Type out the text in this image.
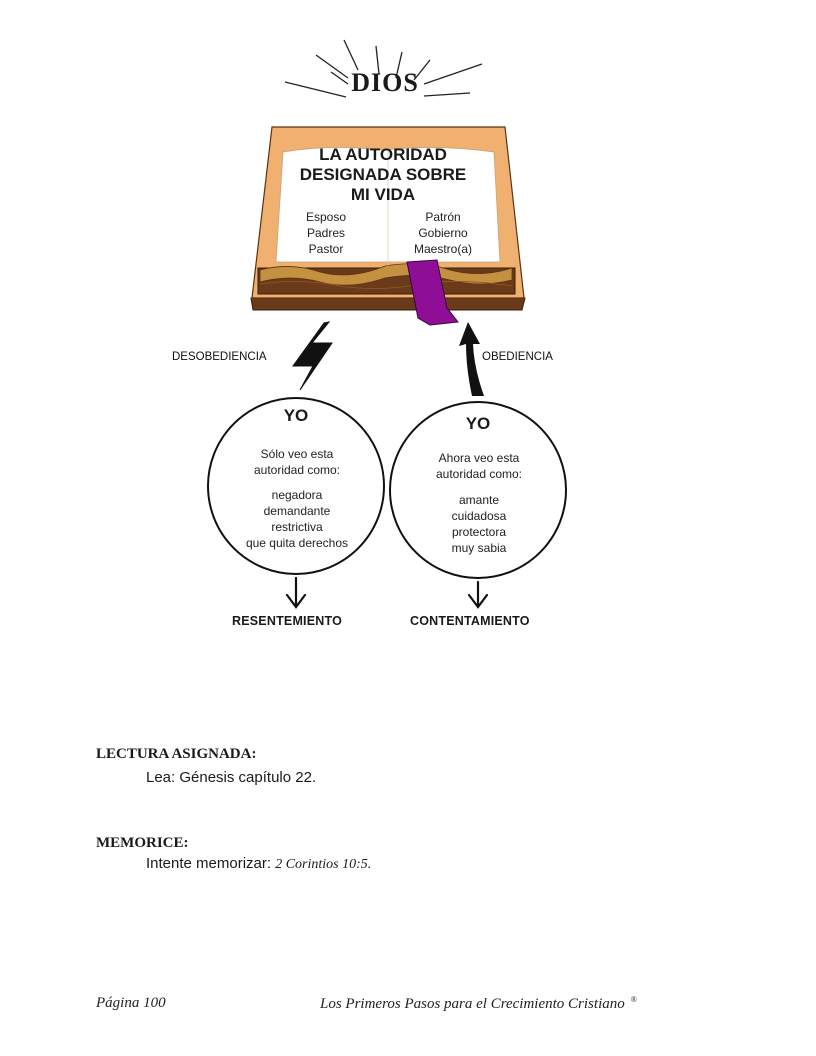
DIOS
LA AUTORIDAD
DESIGNADA SOBRE
MI VIDA
Esposo
Padres
Pastor
Patrón
Gobierno
Maestro(a)
DESOBEDIENCIA	OBEDIENCIA
YO
Sólo veo esta
autoridad como:
negadora
demandante
restrictiva
que quita derechos
YO
Ahora veo esta
autoridad como:
amante
cuidadosa
protectora
muy sabia
RESENTEMIENTO	CONTENTAMIENTO
LECTURA ASIGNADA:
Lea: Génesis capítulo 22.
MEMORICE:
Intente memorizar: 2 Corintios 10:5.
Página 100	Los Primeros Pasos para el Crecimiento Cristiano ®
